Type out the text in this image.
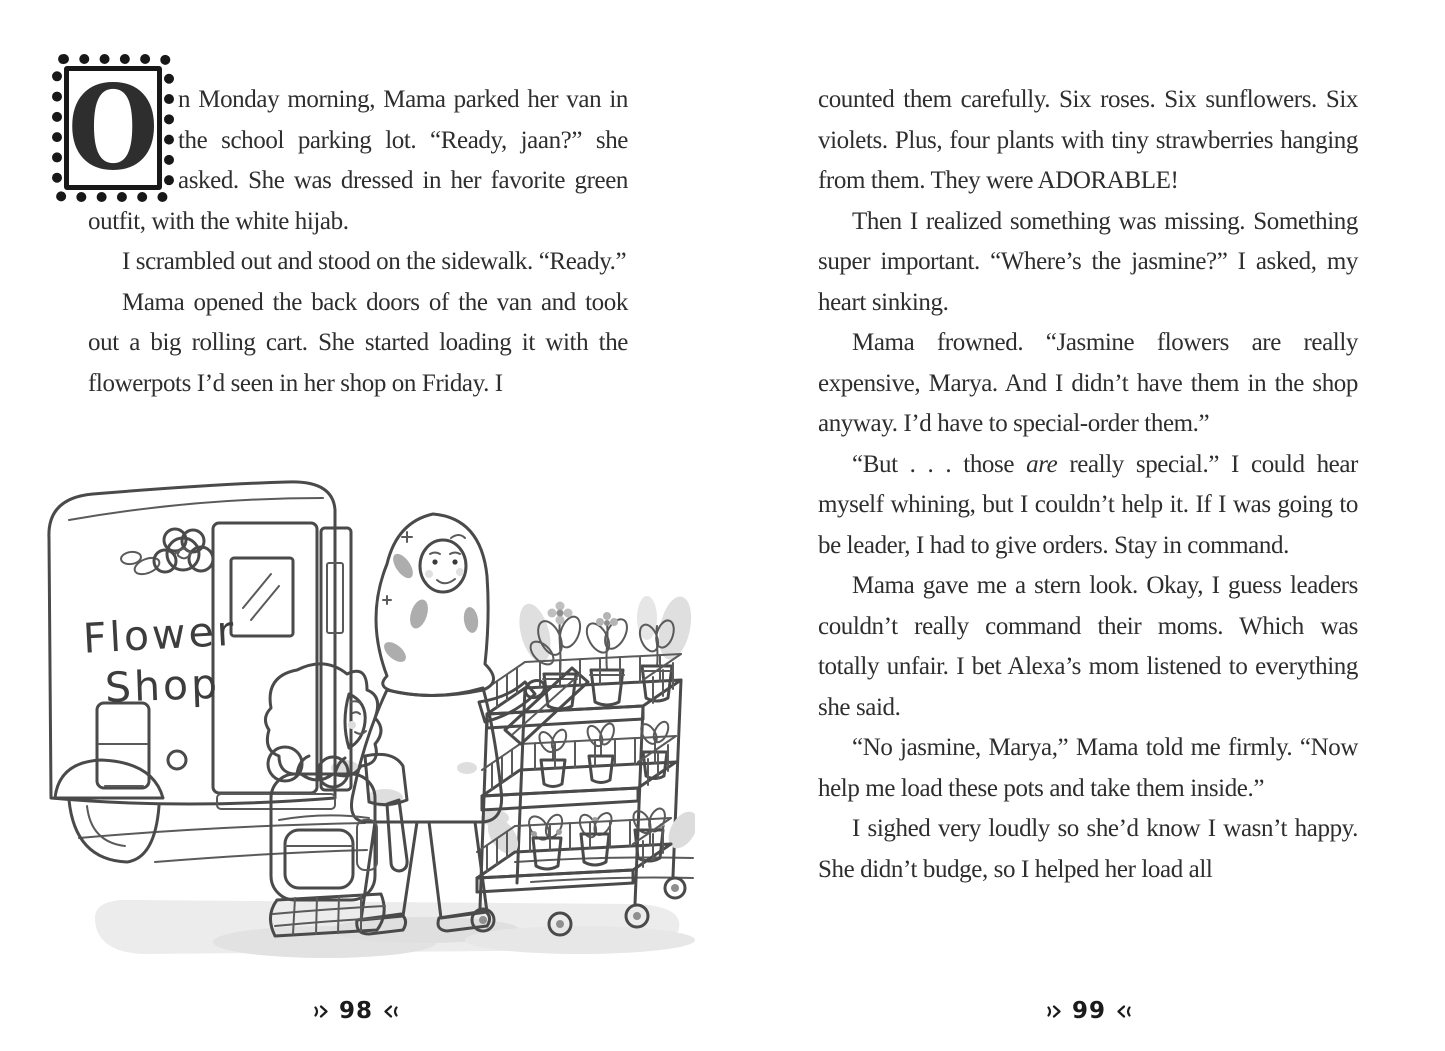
O n Monday morning, Mama parked her van in the school parking lot. “Ready, jaan?” she asked. She was dressed in her favorite green outfit, with the white hijab.

I scrambled out and stood on the sidewalk. “Ready.”

Mama opened the back doors of the van and took out a big rolling cart. She started loading it with the flowerpots I’d seen in her shop on Friday. I

counted them carefully. Six roses. Six sunflowers. Six violets. Plus, four plants with tiny strawberries hanging from them. They were ADORABLE!

Then I realized something was missing. Something super important. “Where’s the jasmine?” I asked, my heart sinking.

Mama frowned. “Jasmine flowers are really expensive, Marya. And I didn’t have them in the shop anyway. I’d have to special-order them.”

“But . . . those are really special.” I could hear myself whining, but I couldn’t help it. If I was going to be leader, I had to give orders. Stay in command.

Mama gave me a stern look. Okay, I guess leaders couldn’t really command their moms. Which was totally unfair. I bet Alexa’s mom listened to everything she said.

“No jasmine, Marya,” Mama told me firmly. “Now help me load these pots and take them inside.”

I sighed very loudly so she’d know I wasn’t happy. She didn’t budge, so I helped her load all

Flower
Shop
98	99
